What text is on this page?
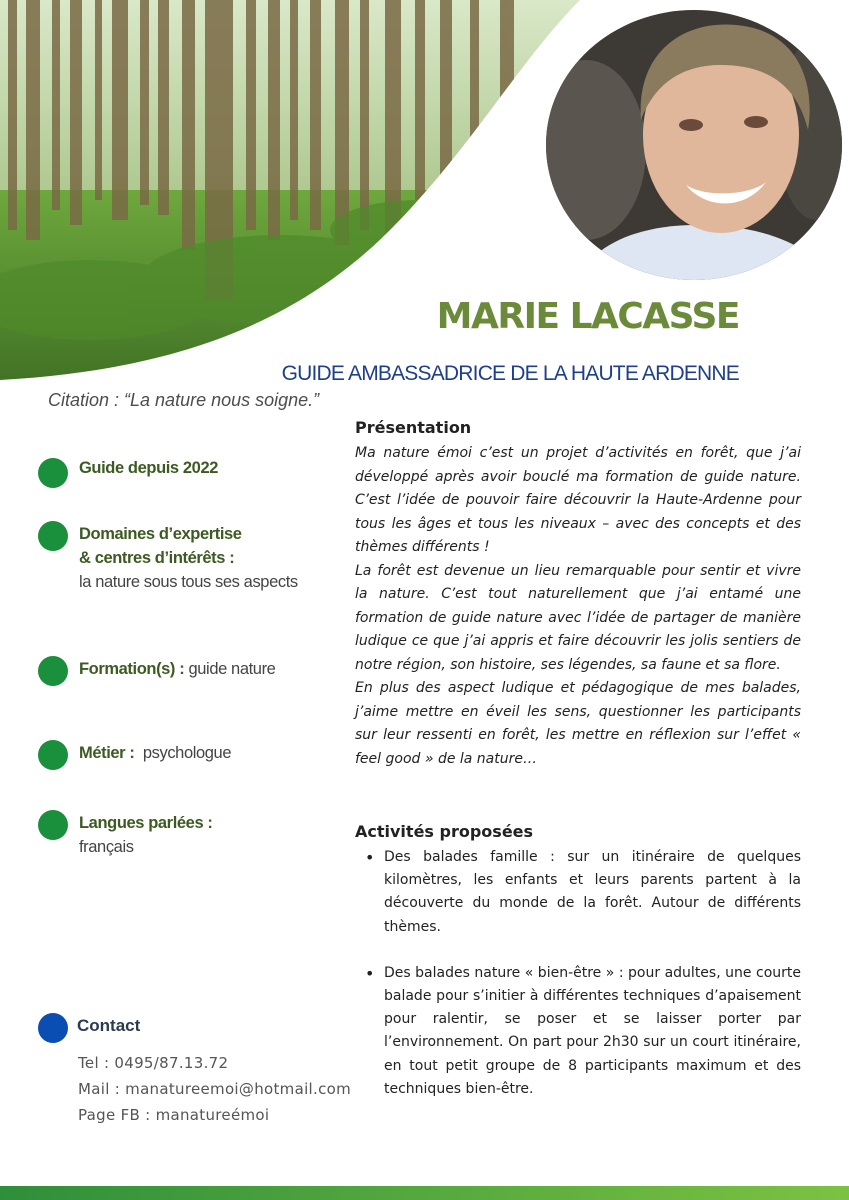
MARIE LACASSE
GUIDE AMBASSADRICE DE LA HAUTE ARDENNE
Citation : “La nature nous soigne.”
Guide depuis 2022
Domaines d’expertise
& centres d’intérêts :
la nature sous tous ses aspects
Formation(s) : guide nature
Métier :  psychologue
Langues parlées :
français
Contact
Tel : 0495/87.13.72
Mail : manatureemoi@hotmail.com
Page FB : manatureémoi
Présentation

Ma nature émoi c’est un projet d’activités en forêt, que j’ai développé après avoir bouclé ma formation de guide nature. C’est l’idée de pouvoir faire découvrir la Haute-Ardenne pour tous les âges et tous les niveaux – avec des concepts et des thèmes différents !

La forêt est devenue un lieu remarquable pour sentir et vivre la nature. C’est tout naturellement que j’ai entamé une formation de guide nature avec l’idée de partager de manière ludique ce que j’ai appris et faire découvrir les jolis sentiers de notre région, son histoire, ses légendes, sa faune et sa flore.

En plus des aspect ludique et pédagogique de mes balades, j’aime mettre en éveil les sens, questionner les participants sur leur ressenti en forêt, les mettre en réflexion sur l’effet « feel good » de la nature…

Activités proposées
• Des balades famille : sur un itinéraire de quelques kilomètres, les enfants et leurs parents partent à la découverte du monde de la forêt. Autour de différents thèmes.
• Des balades nature « bien-être » : pour adultes, une courte balade pour s’initier à différentes techniques d’apaisement pour ralentir, se poser et se laisser porter par l’environnement. On part pour 2h30 sur un court itinéraire, en tout petit groupe de 8 participants maximum et des techniques bien-être.
